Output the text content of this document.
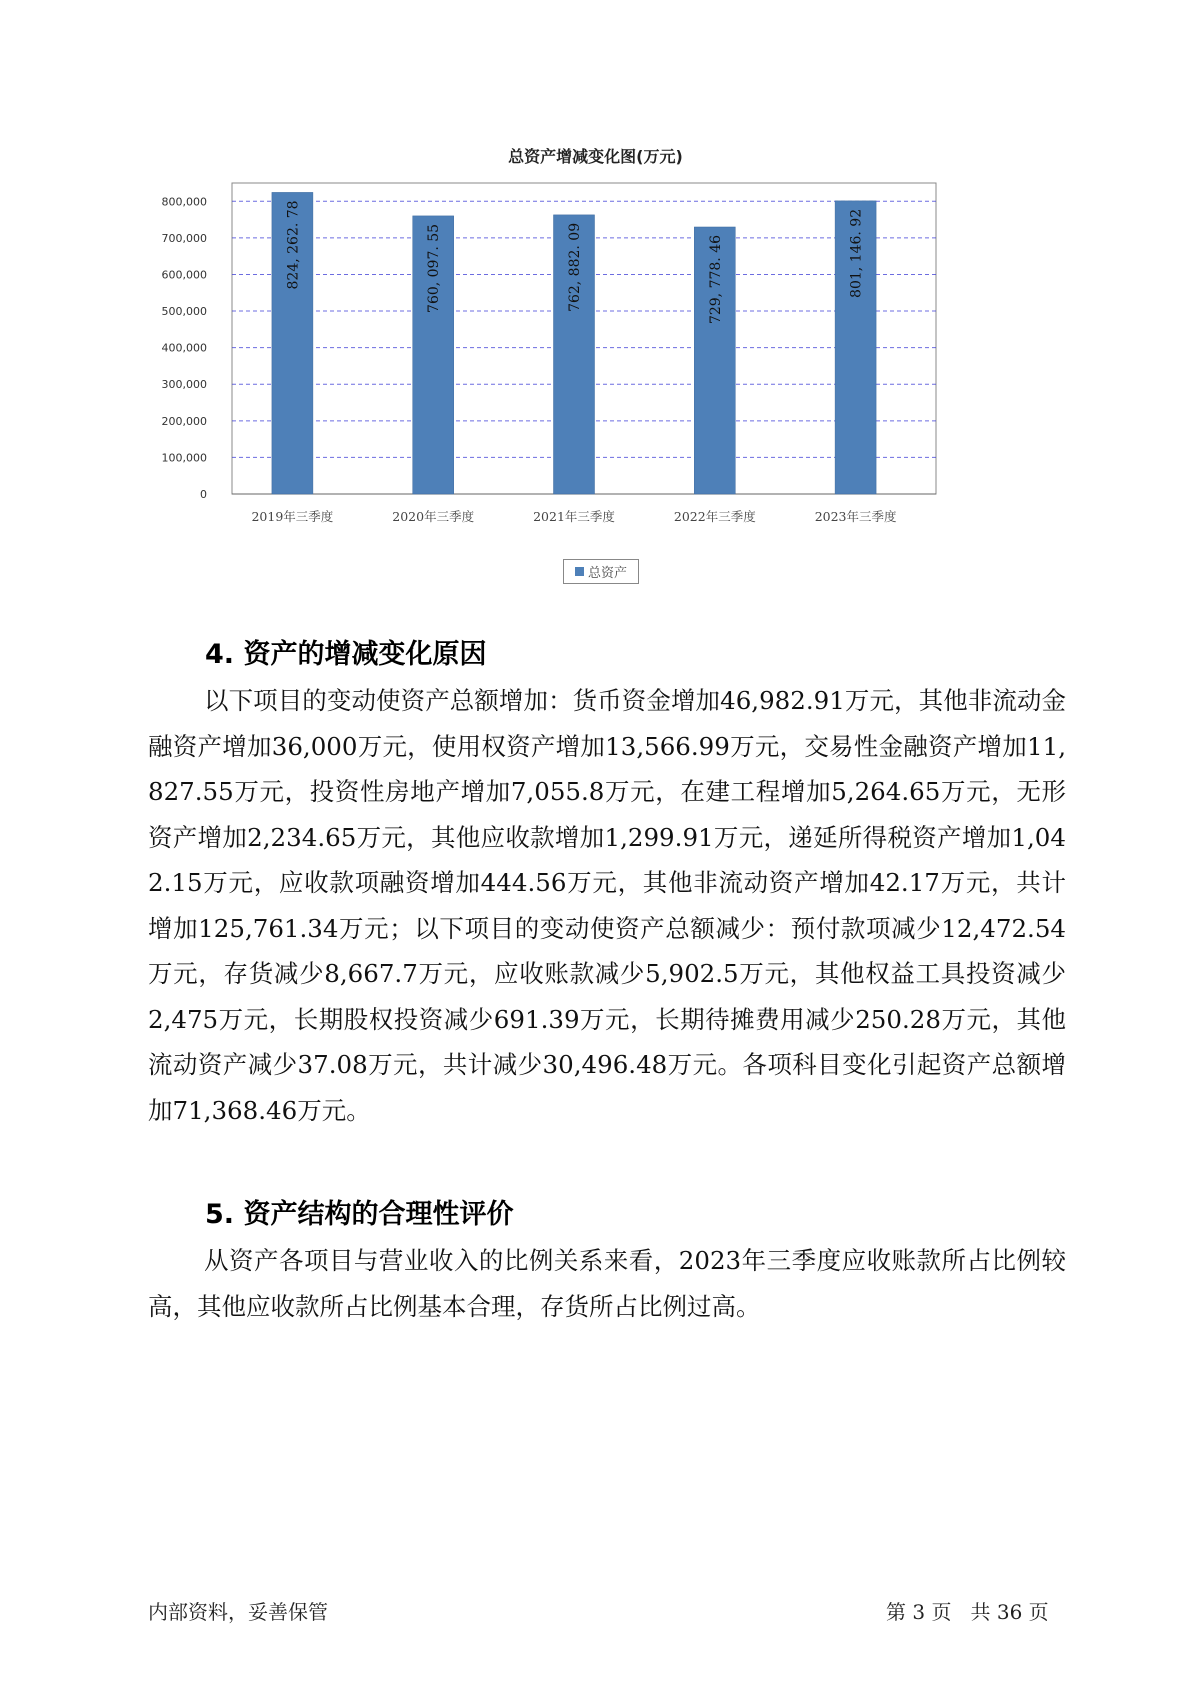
总资产增减变化图(万元)
0
100,000
200,000
300,000
400,000
500,000
600,000
700,000
800,000	824, 262. 78
2019年三季度
760, 097. 55
2020年三季度
762, 882. 09
2021年三季度
729, 778. 46
2022年三季度
801, 146. 92
2023年三季度
总资产
4. 资产的增减变化原因

以下项目的变动使资产总额增加：货币资金增加46,982.91万元，其他非流动金融资产增加36,000万元，使用权资产增加13,566.99万元，交易性金融资产增加11,827.55万元，投资性房地产增加7,055.8万元，在建工程增加5,264.65万元，无形资产增加2,234.65万元，其他应收款增加1,299.91万元，递延所得税资产增加1,042.15万元，应收款项融资增加444.56万元，其他非流动资产增加42.17万元，共计增加125,761.34万元；以下项目的变动使资产总额减少：预付款项减少12,472.54万元，存货减少8,667.7万元，应收账款减少5,902.5万元，其他权益工具投资减少2,475万元，长期股权投资减少691.39万元，长期待摊费用减少250.28万元，其他流动资产减少37.08万元，共计减少30,496.48万元。各项科目变化引起资产总额增加71,368.46万元。

5. 资产结构的合理性评价

从资产各项目与营业收入的比例关系来看，2023年三季度应收账款所占比例较高，其他应收款所占比例基本合理，存货所占比例过高。

内部资料，妥善保管	第 3 页   共 36 页
